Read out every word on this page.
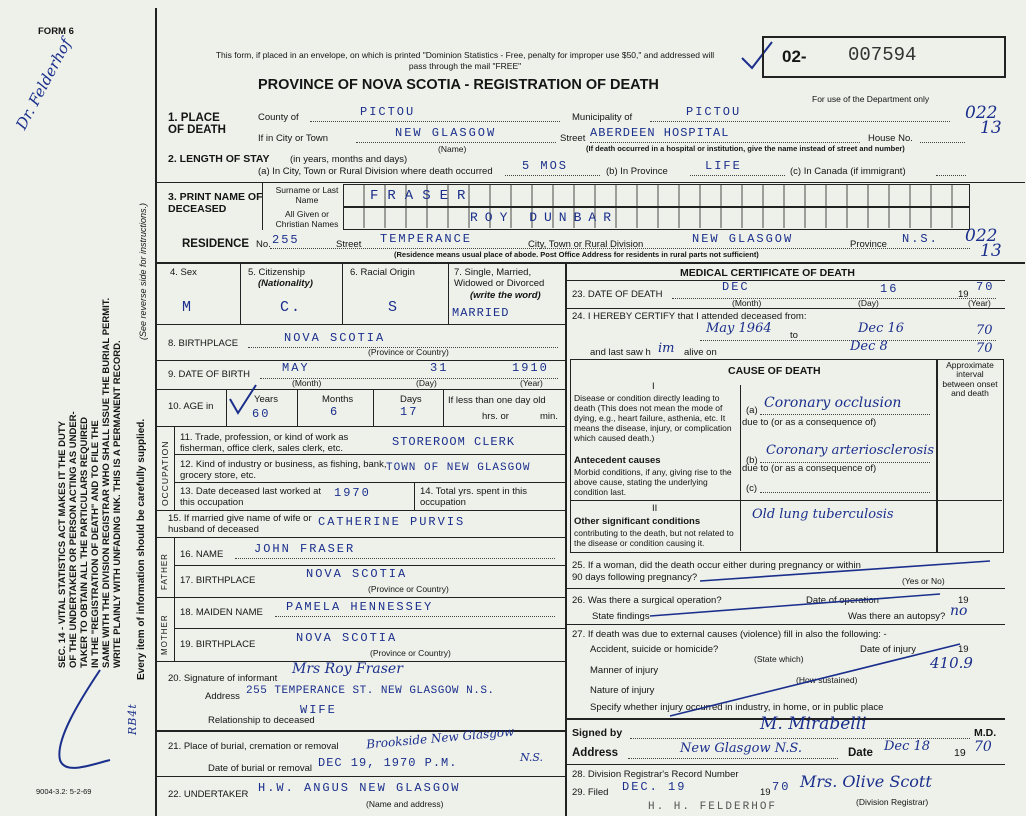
FORM 6
Dr. Felderhof
SEC. 14 - VITAL STATISTICS ACT MAKES IT THE DUTY OF THE UNDERTAKER OR PERSON ACTING AS UNDER- TAKER TO OBTAIN ALL THE PARTICULARS REQUIRED IN THE "REGISTRATION OF DEATH" AND TO FILE THE SAME WITH THE DIVISION REGISTRAR WHO SHALL ISSUE THE BURIAL PERMIT. WRITE PLAINLY WITH UNFADING INK. THIS IS A PERMANENT RECORD. Every item of information should be carefully supplied.
(See reverse side for instructions.)
RB4t
9004-3.2: 5-2-69
This form, if placed in an envelope, on which is printed "Dominion Statistics - Free, penalty for improper use $50," and addressed will pass through the mail "FREE"
PROVINCE OF NOVA SCOTIA - REGISTRATION OF DEATH
02- 007594
For use of the Department only
022
13
1. PLACE OF DEATH
County of	PICTOU	Municipality of	PICTOU
If in City or Town	NEW GLASGOW
(Name)
Street ABERDEEN HOSPITAL	House No.
(If death occurred in a hospital or institution, give the name instead of street and number)
2. LENGTH OF STAY (in years, months and days)
(a) In City, Town or Rural Division where death occurred 5 MOS	(b) In Province	LIFE	(c) In Canada (if immigrant)
3. PRINT NAME OF DECEASED
Surname or Last Name
All Given or Christian Names
FRASER
ROY DUNBAR
RESIDENCE No. 255	Street TEMPERANCE	City, Town or Rural Division	NEW GLASGOW	Province N.S.
(Residence means usual place of abode. Post Office Address for residents in rural parts not sufficient)
022
13
4. Sex
M
5. Citizenship
(Nationality)
C.
6. Racial Origin
S
7. Single, Married, Widowed or Divorced
(write the word)
MARRIED
8. BIRTHPLACE	NOVA SCOTIA
(Province or Country)
9. DATE OF BIRTH	MAY	31	1910
(Month)	(Day)	(Year)
10. AGE in
Years	Months	Days
60	6	17
If less than one day old
hrs. or	min.
OCCUPATION
11. Trade, profession, or kind of work as fisherman, office clerk, sales clerk, etc.	STOREROOM CLERK
12. Kind of industry or business, as fishing, bank, grocery store, etc.
TOWN OF NEW GLASGOW
13. Date deceased last worked at this occupation
1970	14. Total yrs. spent in this occupation
15. If married give name of wife or husband of deceased
CATHERINE PURVIS
FATHER 16. NAME	JOHN FRASER
17. BIRTHPLACE	NOVA SCOTIA
(Province or Country)
MOTHER
18. MAIDEN NAME PAMELA HENNESSEY
19. BIRTHPLACE	NOVA SCOTIA
(Province or Country)
20. Signature of informant
Mrs Roy Fraser
Address 255 TEMPERANCE ST. NEW GLASGOW N.S.
WIFE
Relationship to deceased
21. Place of burial, cremation or removal Brookside New Glasgow
N.S.
Date of burial or removal DEC 19, 1970 P.M.
22. UNDERTAKER H.W. ANGUS NEW GLASGOW
(Name and address)
MEDICAL CERTIFICATE OF DEATH
23. DATE OF DEATH
DEC	16	19
70
(Month)	(Day)	(Year)
24. I HEREBY CERTIFY that I attended deceased from:
May 1964 to	Dec 16	70
and last saw h im alive on	Dec 8	70
CAUSE OF DEATH	Approximate interval between onset and death
I
Disease or condition directly leading to death (This does not mean the mode of dying, e.g., heart failure, asthenia, etc. It means the disease, injury, or complication which caused death.)
(a) Coronary occlusion
due to (or as a consequence of)
Antecedent causes
Morbid conditions, if any, giving rise to the above cause, stating the underlying condition last.
(b)
Coronary arteriosclerosis
due to (or as a consequence of)
(c)
II
Other significant conditions
contributing to the death, but not related to the disease or condition causing it.
Old lung tuberculosis
25. If a woman, did the death occur either during pregnancy or within 90 days following pregnancy?	(Yes or No)
26. Was there a surgical operation?	Date of operation	19
State findings	Was there an autopsy? no
27. If death was due to external causes (violence) fill in also the following: -
Accident, suicide or homicide?
(State which)
Date of injury	19
Manner of injury	410.9
(How sustained)
Nature of injury
Specify whether injury occurred in industry, in home, or in public place
Signed by	M. Mirabelli	M.D.
Address	New Glasgow N.S.	Date Dec 18 19 70
28. Division Registrar's Record Number
29. Filed DEC. 19	19 70 Mrs. Olive Scott
(Division Registrar)
H. H. FELDERHOF
